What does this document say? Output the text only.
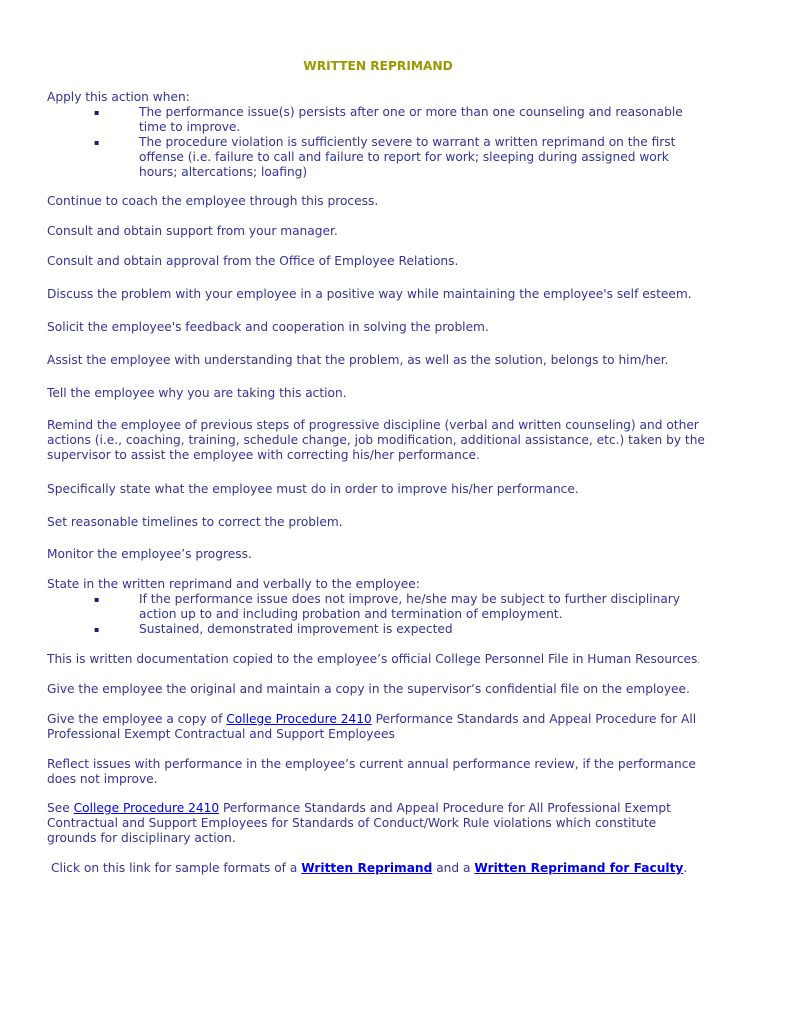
WRITTEN REPRIMAND

Apply this action when:

▪	The performance issue(s) persists after one or more than one counseling and reasonable time to improve.
▪	The procedure violation is sufficiently severe to warrant a written reprimand on the first offense (i.e. failure to call and failure to report for work; sleeping during assigned work hours; altercations; loafing)

Continue to coach the employee through this process.

Consult and obtain support from your manager.

Consult and obtain approval from the Office of Employee Relations.

Discuss the problem with your employee in a positive way while maintaining the employee's self esteem.

Solicit the employee's feedback and cooperation in solving the problem.

Assist the employee with understanding that the problem, as well as the solution, belongs to him/her.

Tell the employee why you are taking this action.

Remind the employee of previous steps of progressive discipline (verbal and written counseling) and other actions (i.e., coaching, training, schedule change, job modification, additional assistance, etc.) taken by the supervisor to assist the employee with correcting his/her performance.

Specifically state what the employee must do in order to improve his/her performance.

Set reasonable timelines to correct the problem.

Monitor the employee’s progress.

State in the written reprimand and verbally to the employee:

▪	If the performance issue does not improve, he/she may be subject to further disciplinary action up to and including probation and termination of employment.
▪	Sustained, demonstrated improvement is expected

This is written documentation copied to the employee’s official College Personnel File in Human Resources.

Give the employee the original and maintain a copy in the supervisor’s confidential file on the employee.

Give the employee a copy of College Procedure 2410 Performance Standards and Appeal Procedure for All Professional Exempt Contractual and Support Employees

Reflect issues with performance in the employee’s current annual performance review, if the performance does not improve.

See College Procedure 2410 Performance Standards and Appeal Procedure for All Professional Exempt Contractual and Support Employees for Standards of Conduct/Work Rule violations which constitute grounds for disciplinary action.

Click on this link for sample formats of a Written Reprimand and a Written Reprimand for Faculty.
